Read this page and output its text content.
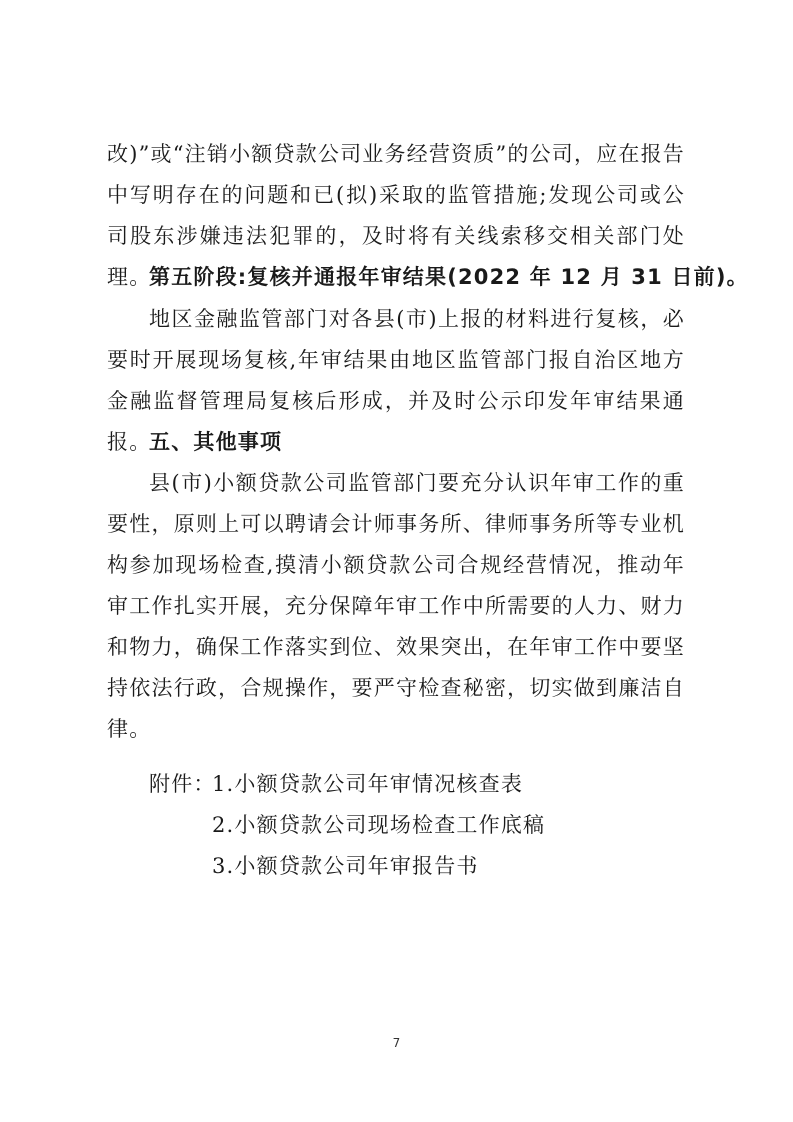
改)”或“注销小额贷款公司业务经营资质”的公司，应在报告中写明存在的问题和已(拟)采取的监管措施;发现公司或公司股东涉嫌违法犯罪的，及时将有关线索移交相关部门处理。

第五阶段:复核并通报年审结果(2022 年 12 月 31 日前)。

地区金融监管部门对各县(市)上报的材料进行复核，必要时开展现场复核,年审结果由地区监管部门报自治区地方金融监督管理局复核后形成，并及时公示印发年审结果通报。

五、其他事项

县(市)小额贷款公司监管部门要充分认识年审工作的重要性，原则上可以聘请会计师事务所、律师事务所等专业机构参加现场检查,摸清小额贷款公司合规经营情况，推动年审工作扎实开展，充分保障年审工作中所需要的人力、财力和物力，确保工作落实到位、效果突出，在年审工作中要坚持依法行政，合规操作，要严守检查秘密，切实做到廉洁自律。

附件：
1.小额贷款公司年审情况核查表
2.小额贷款公司现场检查工作底稿
3.小额贷款公司年审报告书
7
